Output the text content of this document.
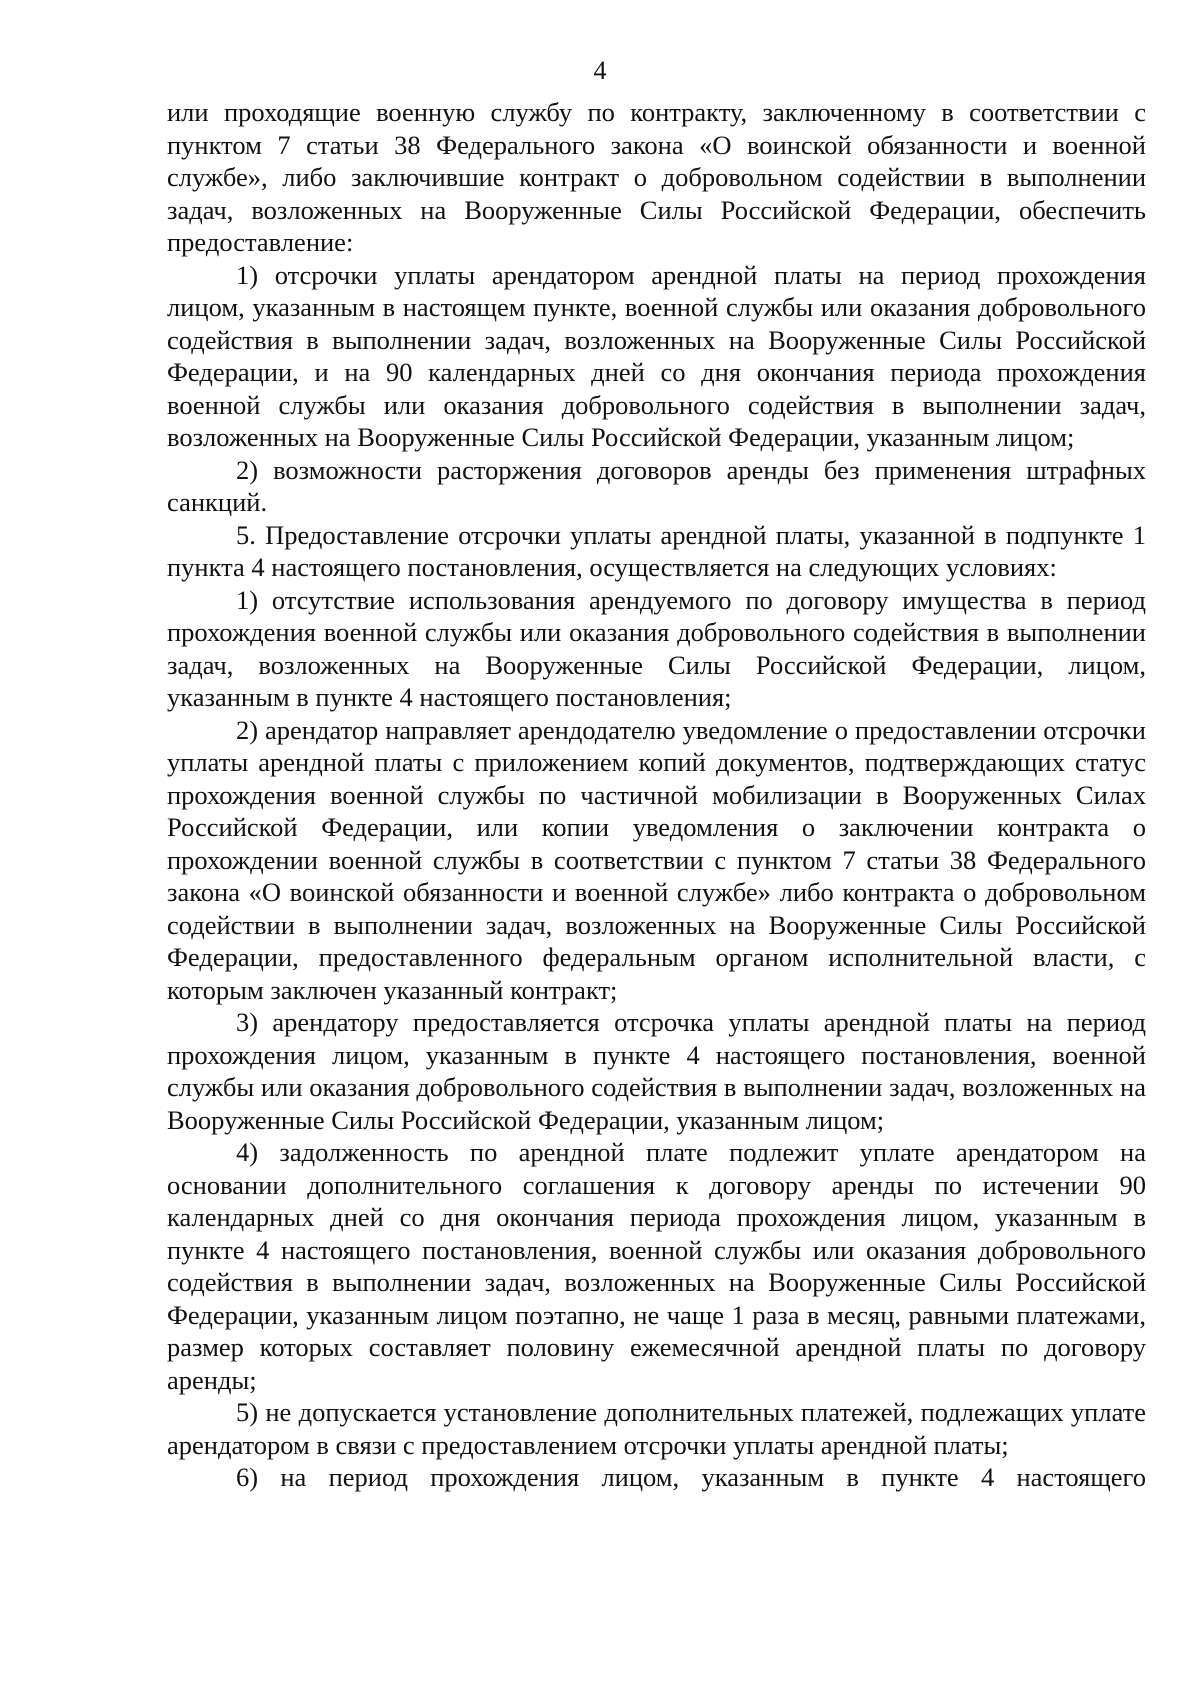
4

или проходящие военную службу по контракту, заключенному в соответствии с пунктом 7 статьи 38 Федерального закона «О воинской обязанности и военной службе», либо заключившие контракт о добровольном содействии в выполнении задач, возложенных на Вооруженные Силы Российской Федерации, обеспечить предоставление:

1) отсрочки уплаты арендатором арендной платы на период прохождения лицом, указанным в настоящем пункте, военной службы или оказания добровольного содействия в выполнении задач, возложенных на Вооруженные Силы Российской Федерации, и на 90 календарных дней со дня окончания периода прохождения военной службы или оказания добровольного содействия в выполнении задач, возложенных на Вооруженные Силы Российской Федерации, указанным лицом;

2) возможности расторжения договоров аренды без применения штрафных санкций.

5. Предоставление отсрочки уплаты арендной платы, указанной в подпункте 1 пункта 4 настоящего постановления, осуществляется на следующих условиях:

1) отсутствие использования арендуемого по договору имущества в период прохождения военной службы или оказания добровольного содействия в выполнении задач, возложенных на Вооруженные Силы Российской Федерации, лицом, указанным в пункте 4 настоящего постановления;

2) арендатор направляет арендодателю уведомление о предоставлении отсрочки уплаты арендной платы с приложением копий документов, подтверждающих статус прохождения военной службы по частичной мобилизации в Вооруженных Силах Российской Федерации, или копии уведомления о заключении контракта о прохождении военной службы в соответствии с пунктом 7 статьи 38 Федерального закона «О воинской обязанности и военной службе» либо контракта о добровольном содействии в выполнении задач, возложенных на Вооруженные Силы Российской Федерации, предоставленного федеральным органом исполнительной власти, с которым заключен указанный контракт;

3) арендатору предоставляется отсрочка уплаты арендной платы на период прохождения лицом, указанным в пункте 4 настоящего постановления, военной службы или оказания добровольного содействия в выполнении задач, возложенных на Вооруженные Силы Российской Федерации, указанным лицом;

4) задолженность по арендной плате подлежит уплате арендатором на основании дополнительного соглашения к договору аренды по истечении 90 календарных дней со дня окончания периода прохождения лицом, указанным в пункте 4 настоящего постановления, военной службы или оказания добровольного содействия в выполнении задач, возложенных на Вооруженные Силы Российской Федерации, указанным лицом поэтапно, не чаще 1 раза в месяц, равными платежами, размер которых составляет половину ежемесячной арендной платы по договору аренды;

5) не допускается установление дополнительных платежей, подлежащих уплате арендатором в связи с предоставлением отсрочки уплаты арендной платы;

6) на период прохождения лицом, указанным в пункте 4 настоящего
